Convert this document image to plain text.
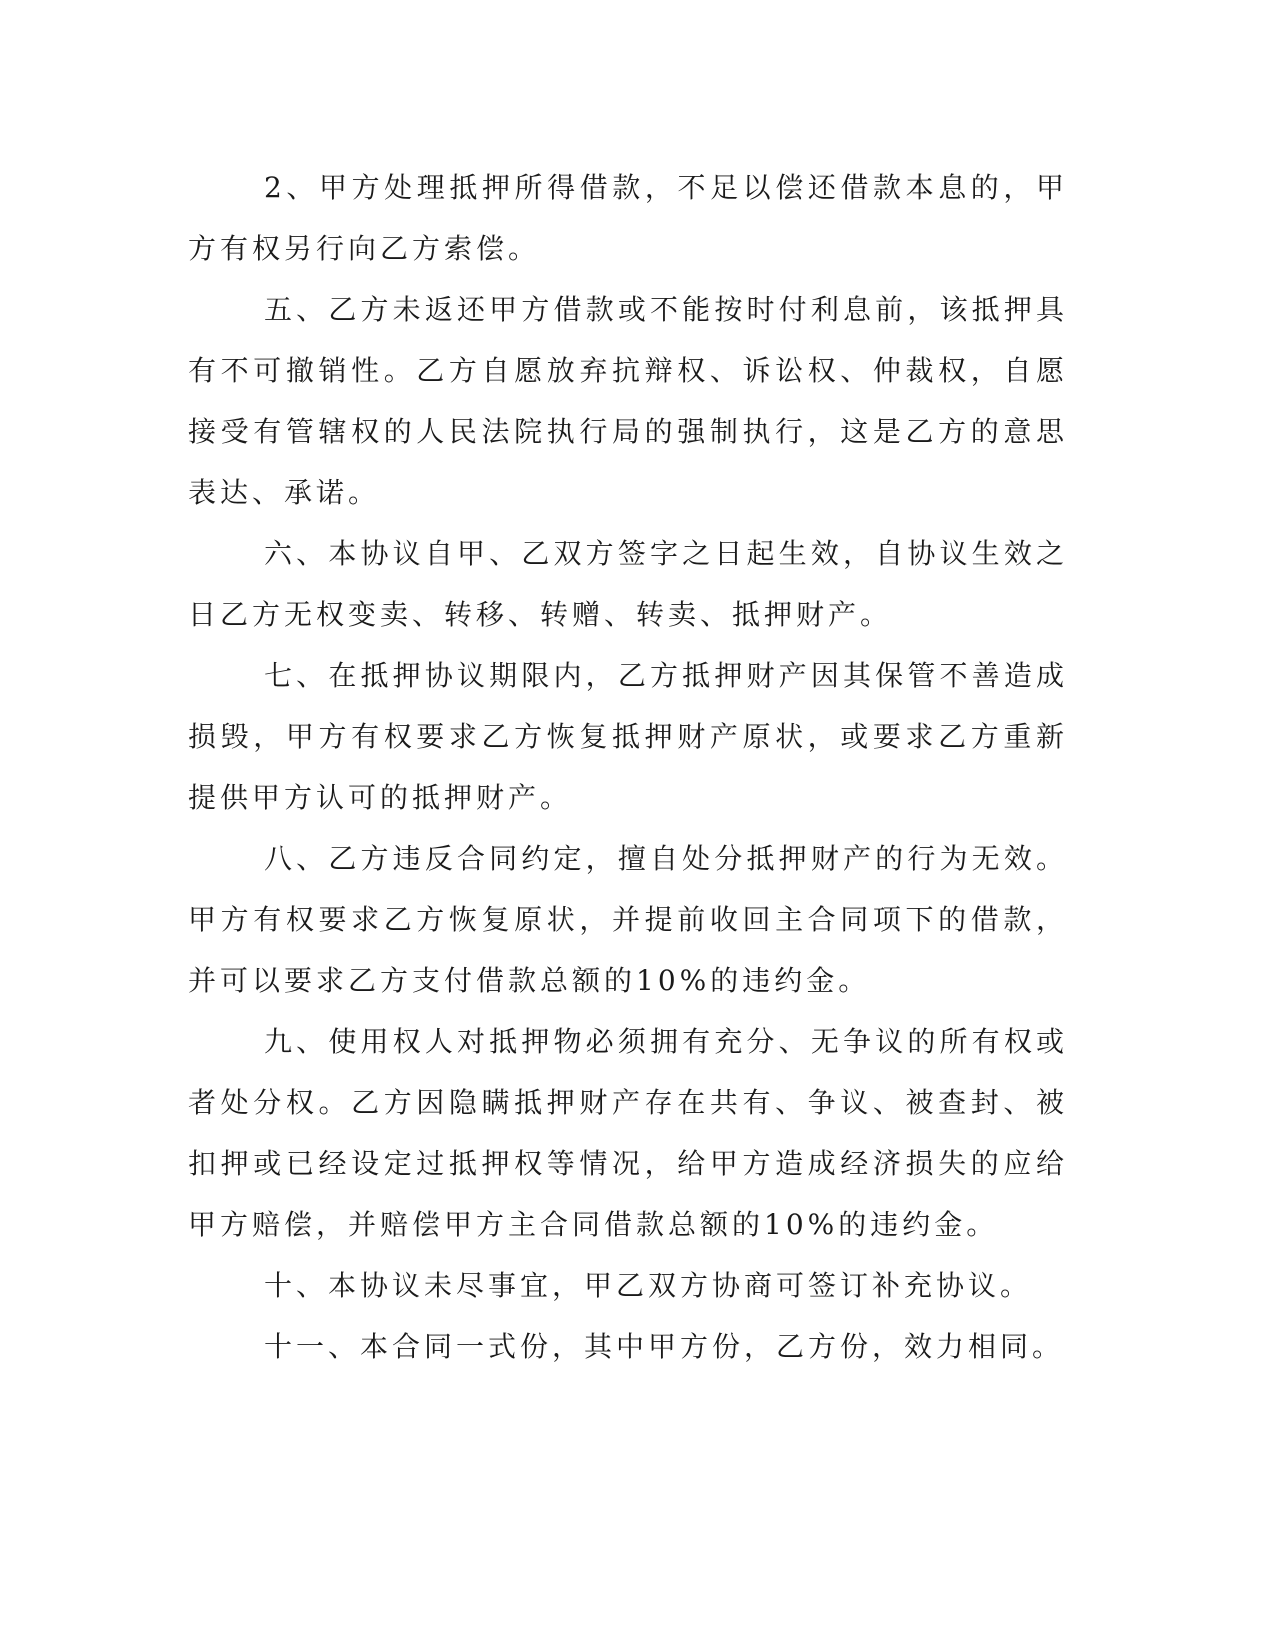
2、甲方处理抵押所得借款，不足以偿还借款本息的，甲方有权另行向乙方索偿。

五、乙方未返还甲方借款或不能按时付利息前，该抵押具有不可撤销性。乙方自愿放弃抗辩权、诉讼权、仲裁权，自愿接受有管辖权的人民法院执行局的强制执行，这是乙方的意思表达、承诺。

六、本协议自甲、乙双方签字之日起生效，自协议生效之日乙方无权变卖、转移、转赠、转卖、抵押财产。

七、在抵押协议期限内，乙方抵押财产因其保管不善造成损毁，甲方有权要求乙方恢复抵押财产原状，或要求乙方重新提供甲方认可的抵押财产。

八、乙方违反合同约定，擅自处分抵押财产的行为无效。甲方有权要求乙方恢复原状，并提前收回主合同项下的借款，并可以要求乙方支付借款总额的10%的违约金。

九、使用权人对抵押物必须拥有充分、无争议的所有权或者处分权。乙方因隐瞒抵押财产存在共有、争议、被查封、被扣押或已经设定过抵押权等情况，给甲方造成经济损失的应给甲方赔偿，并赔偿甲方主合同借款总额的10%的违约金。

十、本协议未尽事宜，甲乙双方协商可签订补充协议。

十一、本合同一式份，其中甲方份，乙方份，效力相同。
